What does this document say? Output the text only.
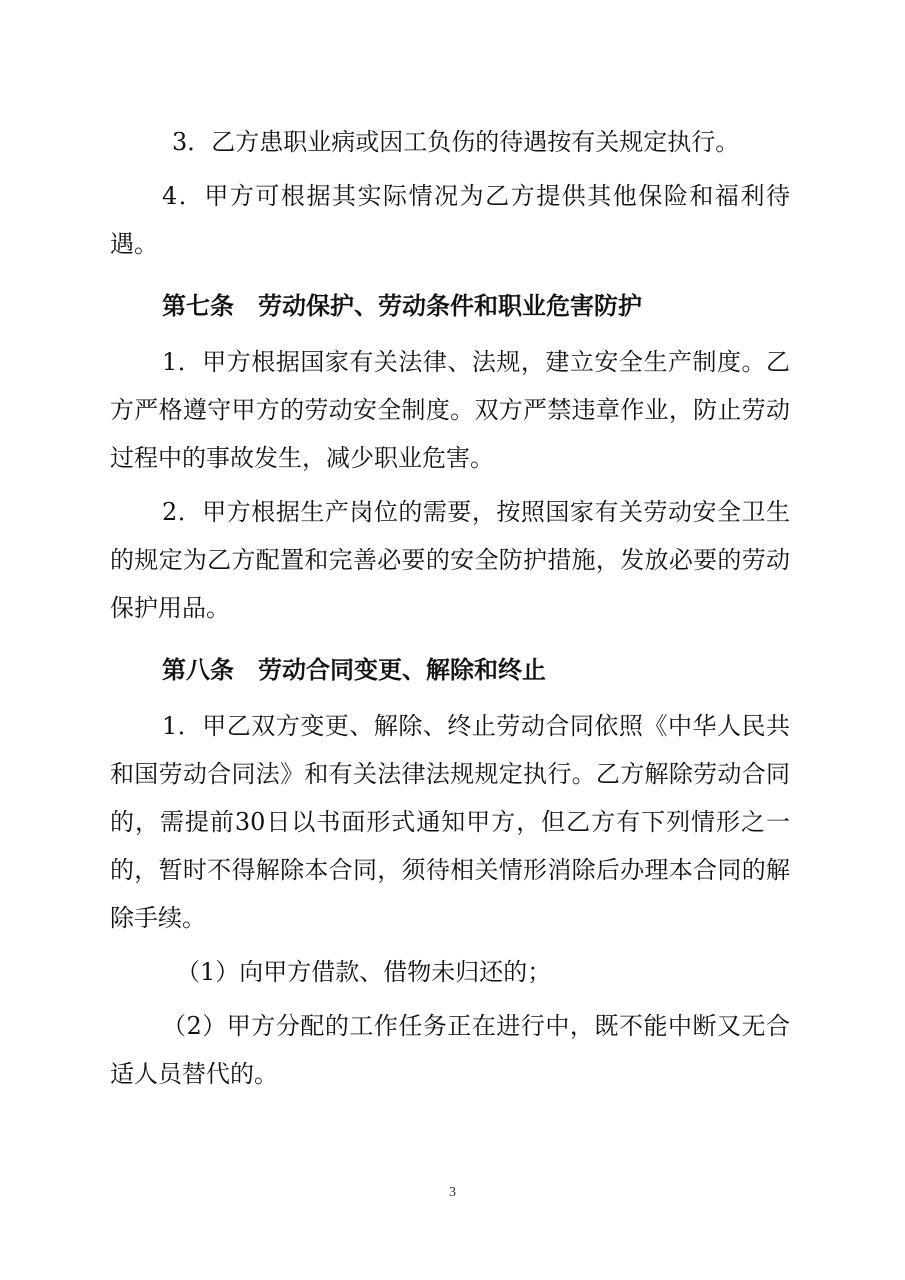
3．乙方患职业病或因工负伤的待遇按有关规定执行。

4．甲方可根据其实际情况为乙方提供其他保险和福利待遇。

第七条 劳动保护、劳动条件和职业危害防护

1．甲方根据国家有关法律、法规，建立安全生产制度。乙方严格遵守甲方的劳动安全制度。双方严禁违章作业，防止劳动过程中的事故发生，减少职业危害。

2．甲方根据生产岗位的需要，按照国家有关劳动安全卫生的规定为乙方配置和完善必要的安全防护措施，发放必要的劳动保护用品。

第八条 劳动合同变更、解除和终止

1．甲乙双方变更、解除、终止劳动合同依照《中华人民共和国劳动合同法》和有关法律法规规定执行。乙方解除劳动合同的，需提前30日以书面形式通知甲方，但乙方有下列情形之一的，暂时不得解除本合同，须待相关情形消除后办理本合同的解除手续。

（1）向甲方借款、借物未归还的；

（2）甲方分配的工作任务正在进行中，既不能中断又无合适人员替代的。

3
